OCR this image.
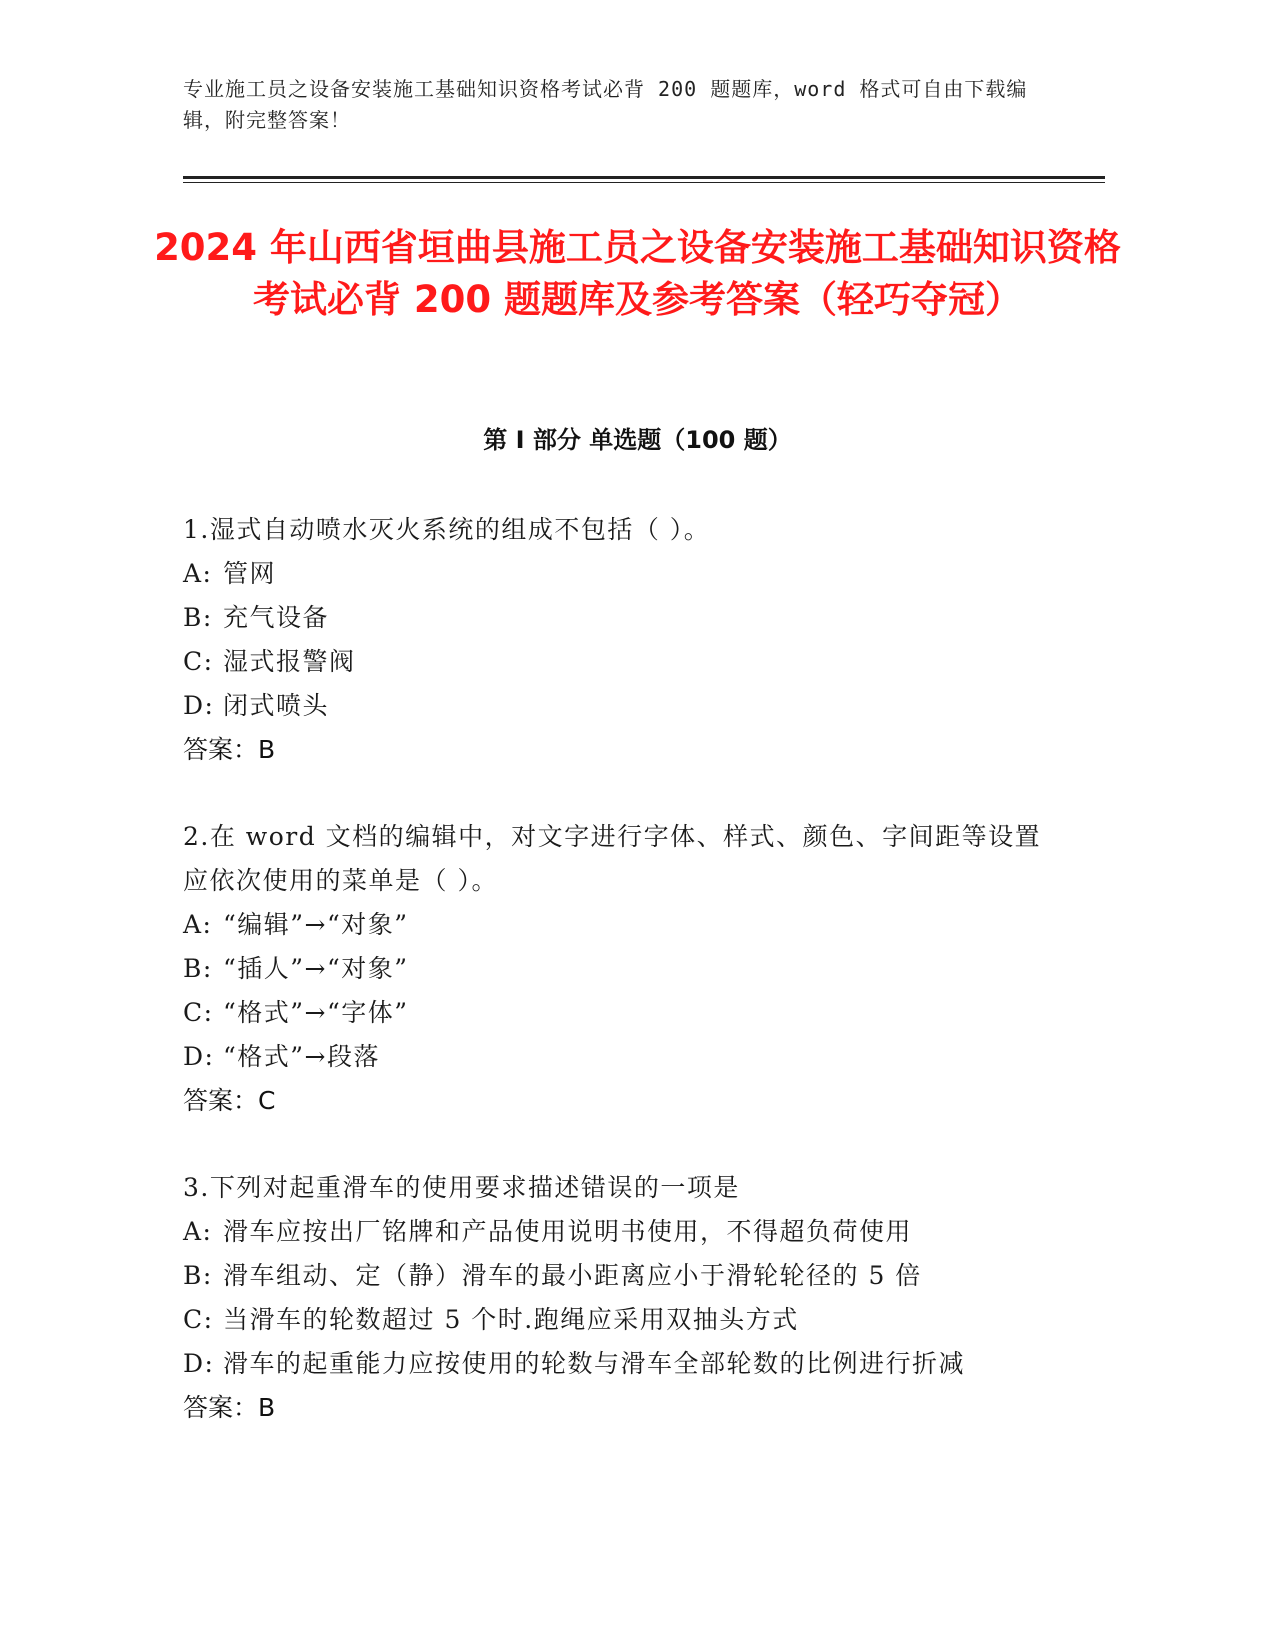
专业施工员之设备安装施工基础知识资格考试必背 200 题题库，word 格式可自由下载编辑，附完整答案！
2024 年山西省垣曲县施工员之设备安装施工基础知识资格考试必背 200 题题库及参考答案（轻巧夺冠）
第 I 部分 单选题（100 题）
1.湿式自动喷水灭火系统的组成不包括（ ）。
A: 管网
B: 充气设备
C: 湿式报警阀
D: 闭式喷头
答案：B
2.在 word 文档的编辑中，对文字进行字体、样式、颜色、字间距等设置应依次使用的菜单是（ ）。
A: “编辑”→“对象”
B: “插人”→“对象”
C: “格式”→“字体”
D: “格式”→段落
答案：C
3.下列对起重滑车的使用要求描述错误的一项是
A: 滑车应按出厂铭牌和产品使用说明书使用，不得超负荷使用
B: 滑车组动、定（静）滑车的最小距离应小于滑轮轮径的 5 倍
C: 当滑车的轮数超过 5 个时.跑绳应采用双抽头方式
D: 滑车的起重能力应按使用的轮数与滑车全部轮数的比例进行折减
答案：B
